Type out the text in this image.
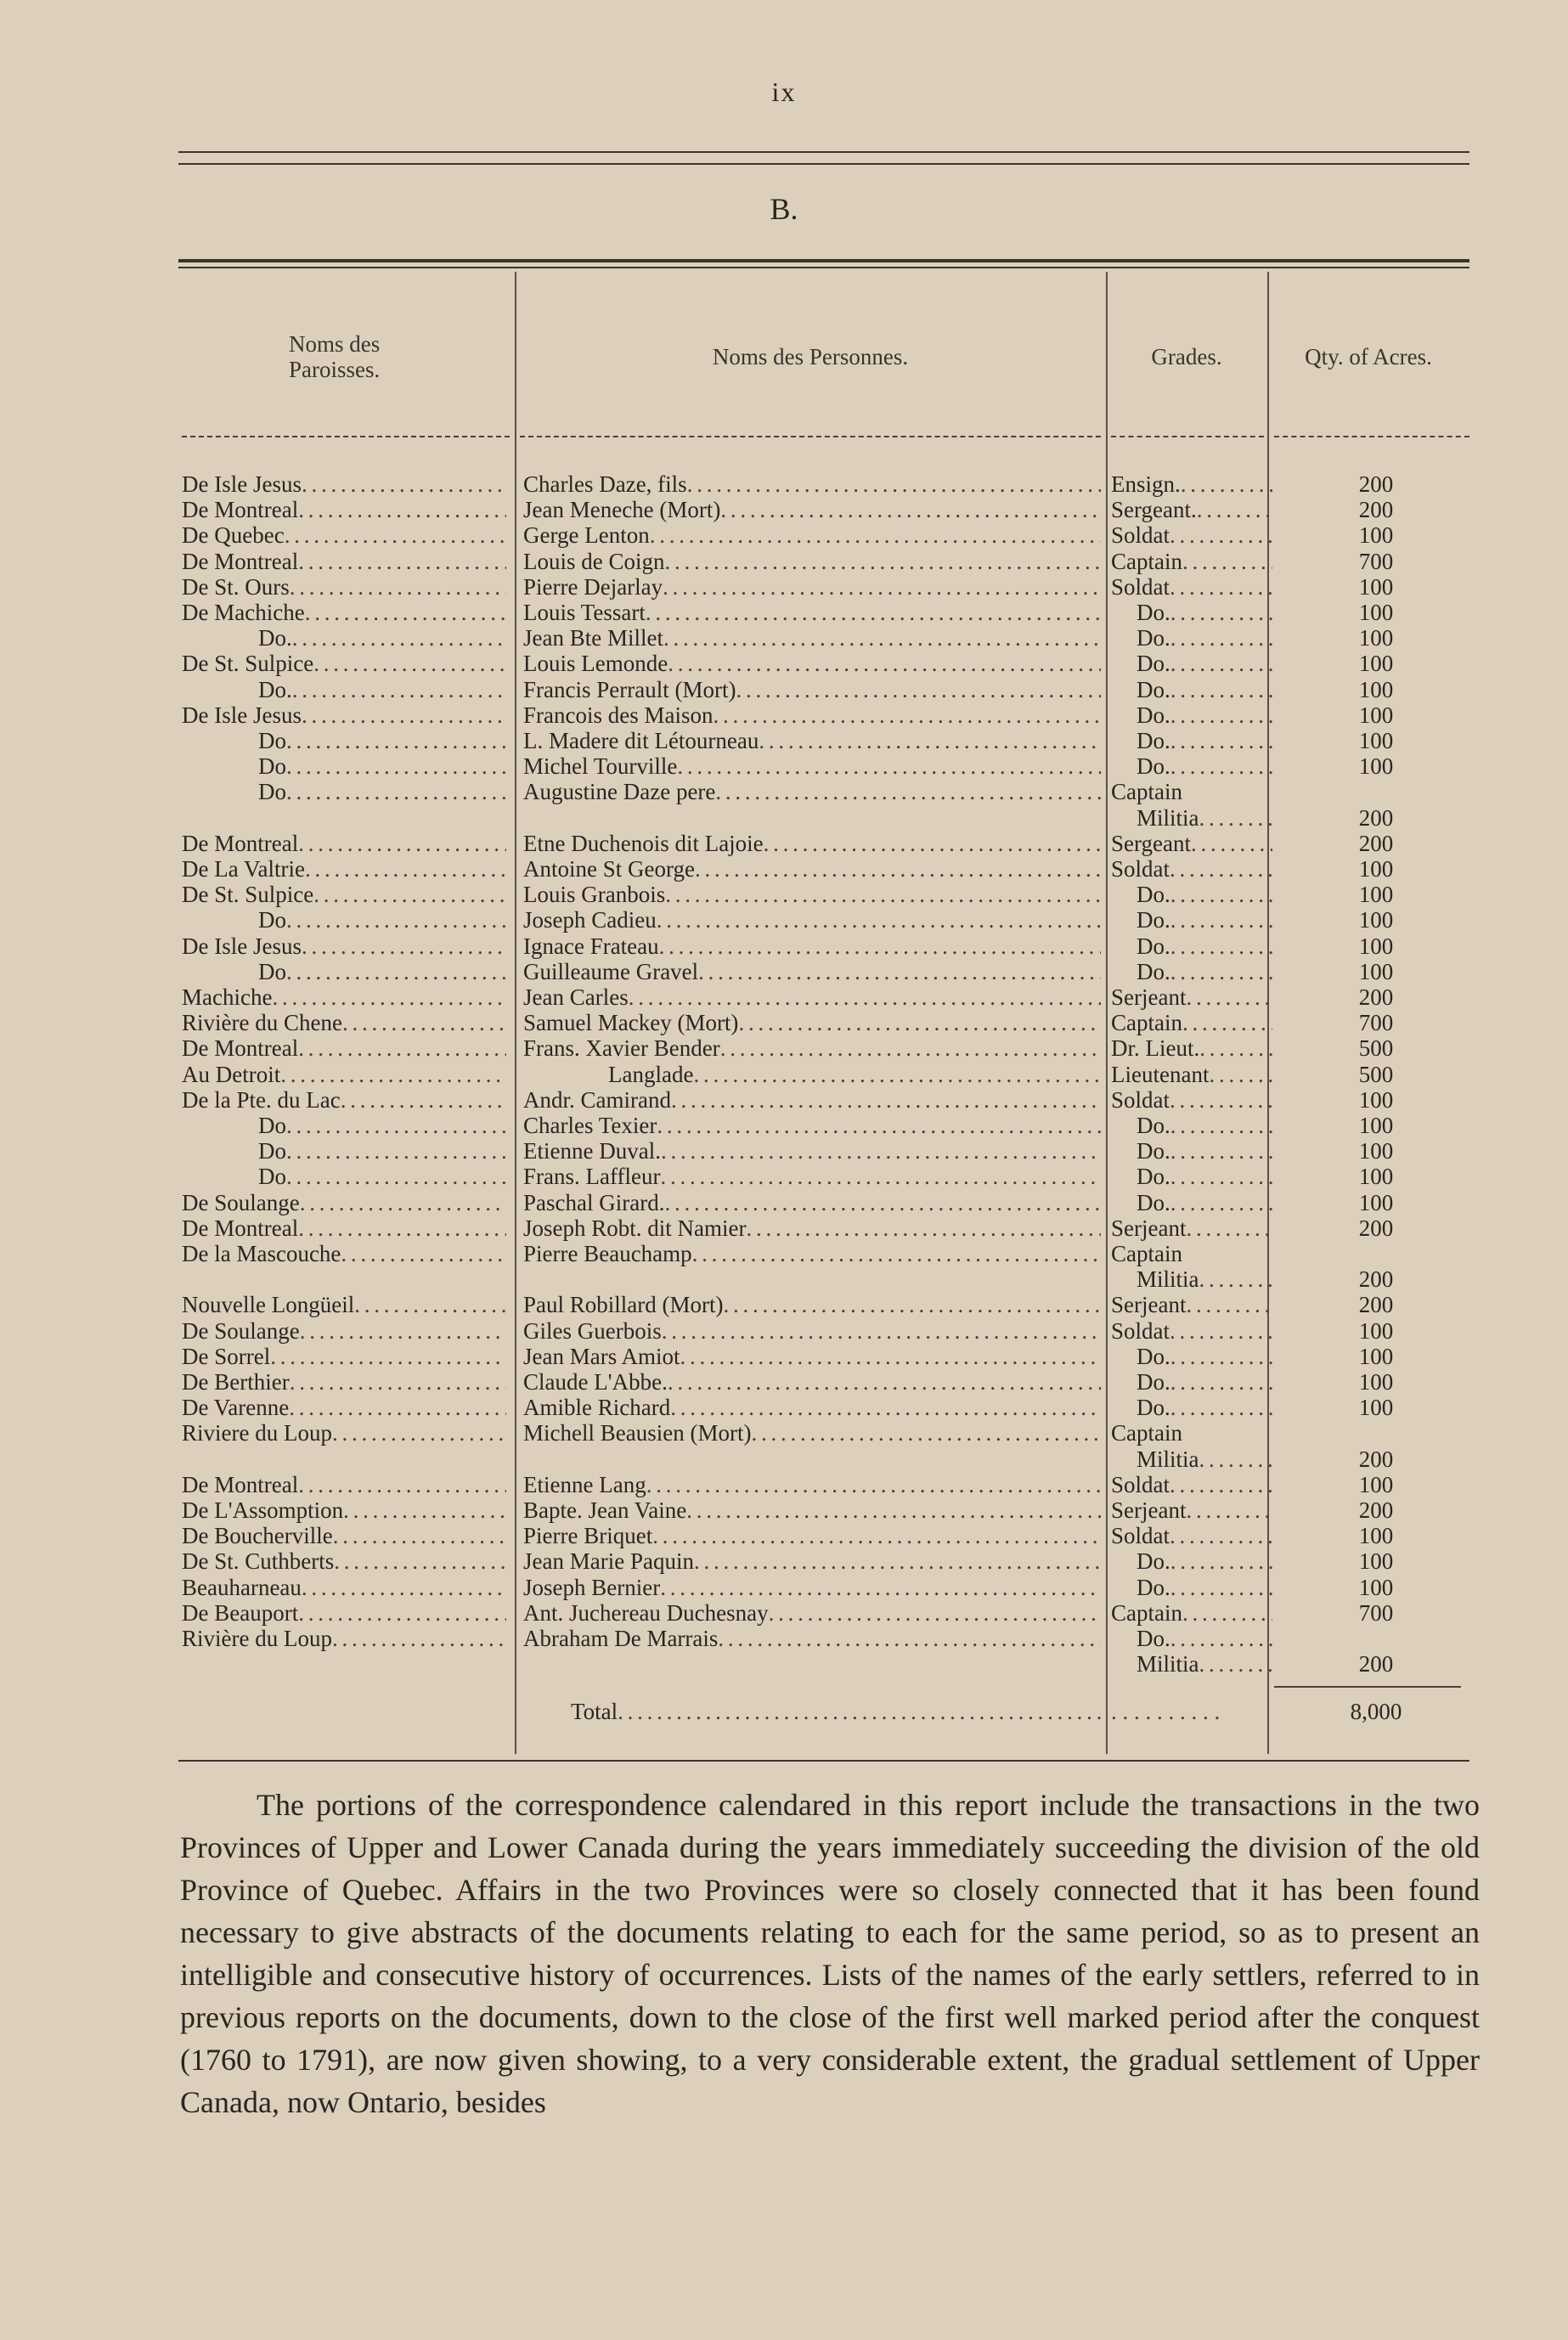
ix
B.
Noms des Paroisses.	Noms des Personnes.	Grades.	Qty. of Acres.
De Isle Jesus . . .	Charles Daze, fils . . .	Ensign. . . .	200
De Montreal . . .	Jean Meneche (Mort) . . .	Sergeant. . . .	200
De Quebec . . .	Gerge Lenton . . .	Soldat . . .	100
De Montreal . . .	Louis de Coign . . .	Captain . . .	700
De St. Ours . . .	Pierre Dejarlay . . .	Soldat . . .	100
De Machiche . . .	Louis Tessart . . .	Do. . . .	100
Do. . . .	Jean Bte Millet . . .	Do. . . .	100
De St. Sulpice . . .	Louis Lemonde . . .	Do. . . .	100
Do. . . .	Francis Perrault (Mort) . . .	Do. . . .	100
De Isle Jesus . . .	Francois des Maison . . .	Do. . . .	100
Do . . .	L. Madere dit Létourneau . . .	Do. . . .	100
Do . . .	Michel Tourville . . .	Do. . . .	100
Do . . .	Augustine Daze pere . . .	Captain
Militia . . .	200
De Montreal . . .	Etne Duchenois dit Lajoie . . .	Sergeant . . .	200
De La Valtrie . . .	Antoine St George . . .	Soldat . . .	100
De St. Sulpice . . .	Louis Granbois . . .	Do. . . .	100
Do . . .	Joseph Cadieu . . .	Do. . . .	100
De Isle Jesus . . .	Ignace Frateau . . .	Do. . . .	100
Do . . .	Guilleaume Gravel . . .	Do. . . .	100
Machiche . . .	Jean Carles . . .	Serjeant . . .	200
Rivière du Chene . . .	Samuel Mackey (Mort) . . .	Captain . . .	700
De Montreal . . .	Frans. Xavier Bender . . .	Dr. Lieut. . . .	500
Au Detroit . . .	Langlade . . .	Lieutenant . . .	500
De la Pte. du Lac . . .	Andr. Camirand . . .	Soldat . . .	100
Do . . .	Charles Texier . . .	Do. . . .	100
Do . . .	Etienne Duval. . . .	Do. . . .	100
Do . . .	Frans. Laffleur . . .	Do. . . .	100
De Soulange . . .	Paschal Girard. . . .	Do. . . .	100
De Montreal . . .	Joseph Robt. dit Namier . . .	Serjeant . . .	200
De la Mascouche . . .	Pierre Beauchamp . . .	Captain
Militia . . .	200
Nouvelle Longüeil . . .	Paul Robillard (Mort) . . .	Serjeant . . .	200
De Soulange . . .	Giles Guerbois . . .	Soldat . . .	100
De Sorrel . . .	Jean Mars Amiot . . .	Do. . . .	100
De Berthier . . .	Claude L'Abbe. . . .	Do. . . .	100
De Varenne . . .	Amible Richard . . .	Do. . . .	100
Riviere du Loup . . .	Michell Beausien (Mort) . . .	Captain
Militia . . .	200
De Montreal . . .	Etienne Lang . . .	Soldat . . .	100
De L'Assomption . . .	Bapte. Jean Vaine . . .	Serjeant . . .	200
De Boucherville . . .	Pierre Briquet . . .	Soldat . . .	100
De St. Cuthberts . . .	Jean Marie Paquin . . .	Do. . . .	100
Beauharneau . . .	Joseph Bernier . . .	Do. . . .	100
De Beauport . . .	Ant. Juchereau Duchesnay . . .	Captain . . .	700
Rivière du Loup . . .	Abraham De Marrais . . .	Do.
. . .
Militia . . .	200
Total . . .	. . . . . . . . . .	8,000
The portions of the correspondence calendared in this report include the transactions in the two Provinces of Upper and Lower Canada during the years immediately succeeding the division of the old Province of Quebec. Affairs in the two Provinces were so closely connected that it has been found necessary to give abstracts of the documents relating to each for the same period, so as to present an intelligible and consecutive history of occurrences. Lists of the names of the early settlers, referred to in previous reports on the documents, down to the close of the first well marked period after the conquest (1760 to 1791), are now given showing, to a very considerable extent, the gradual settlement of Upper Canada, now Ontario, besides
